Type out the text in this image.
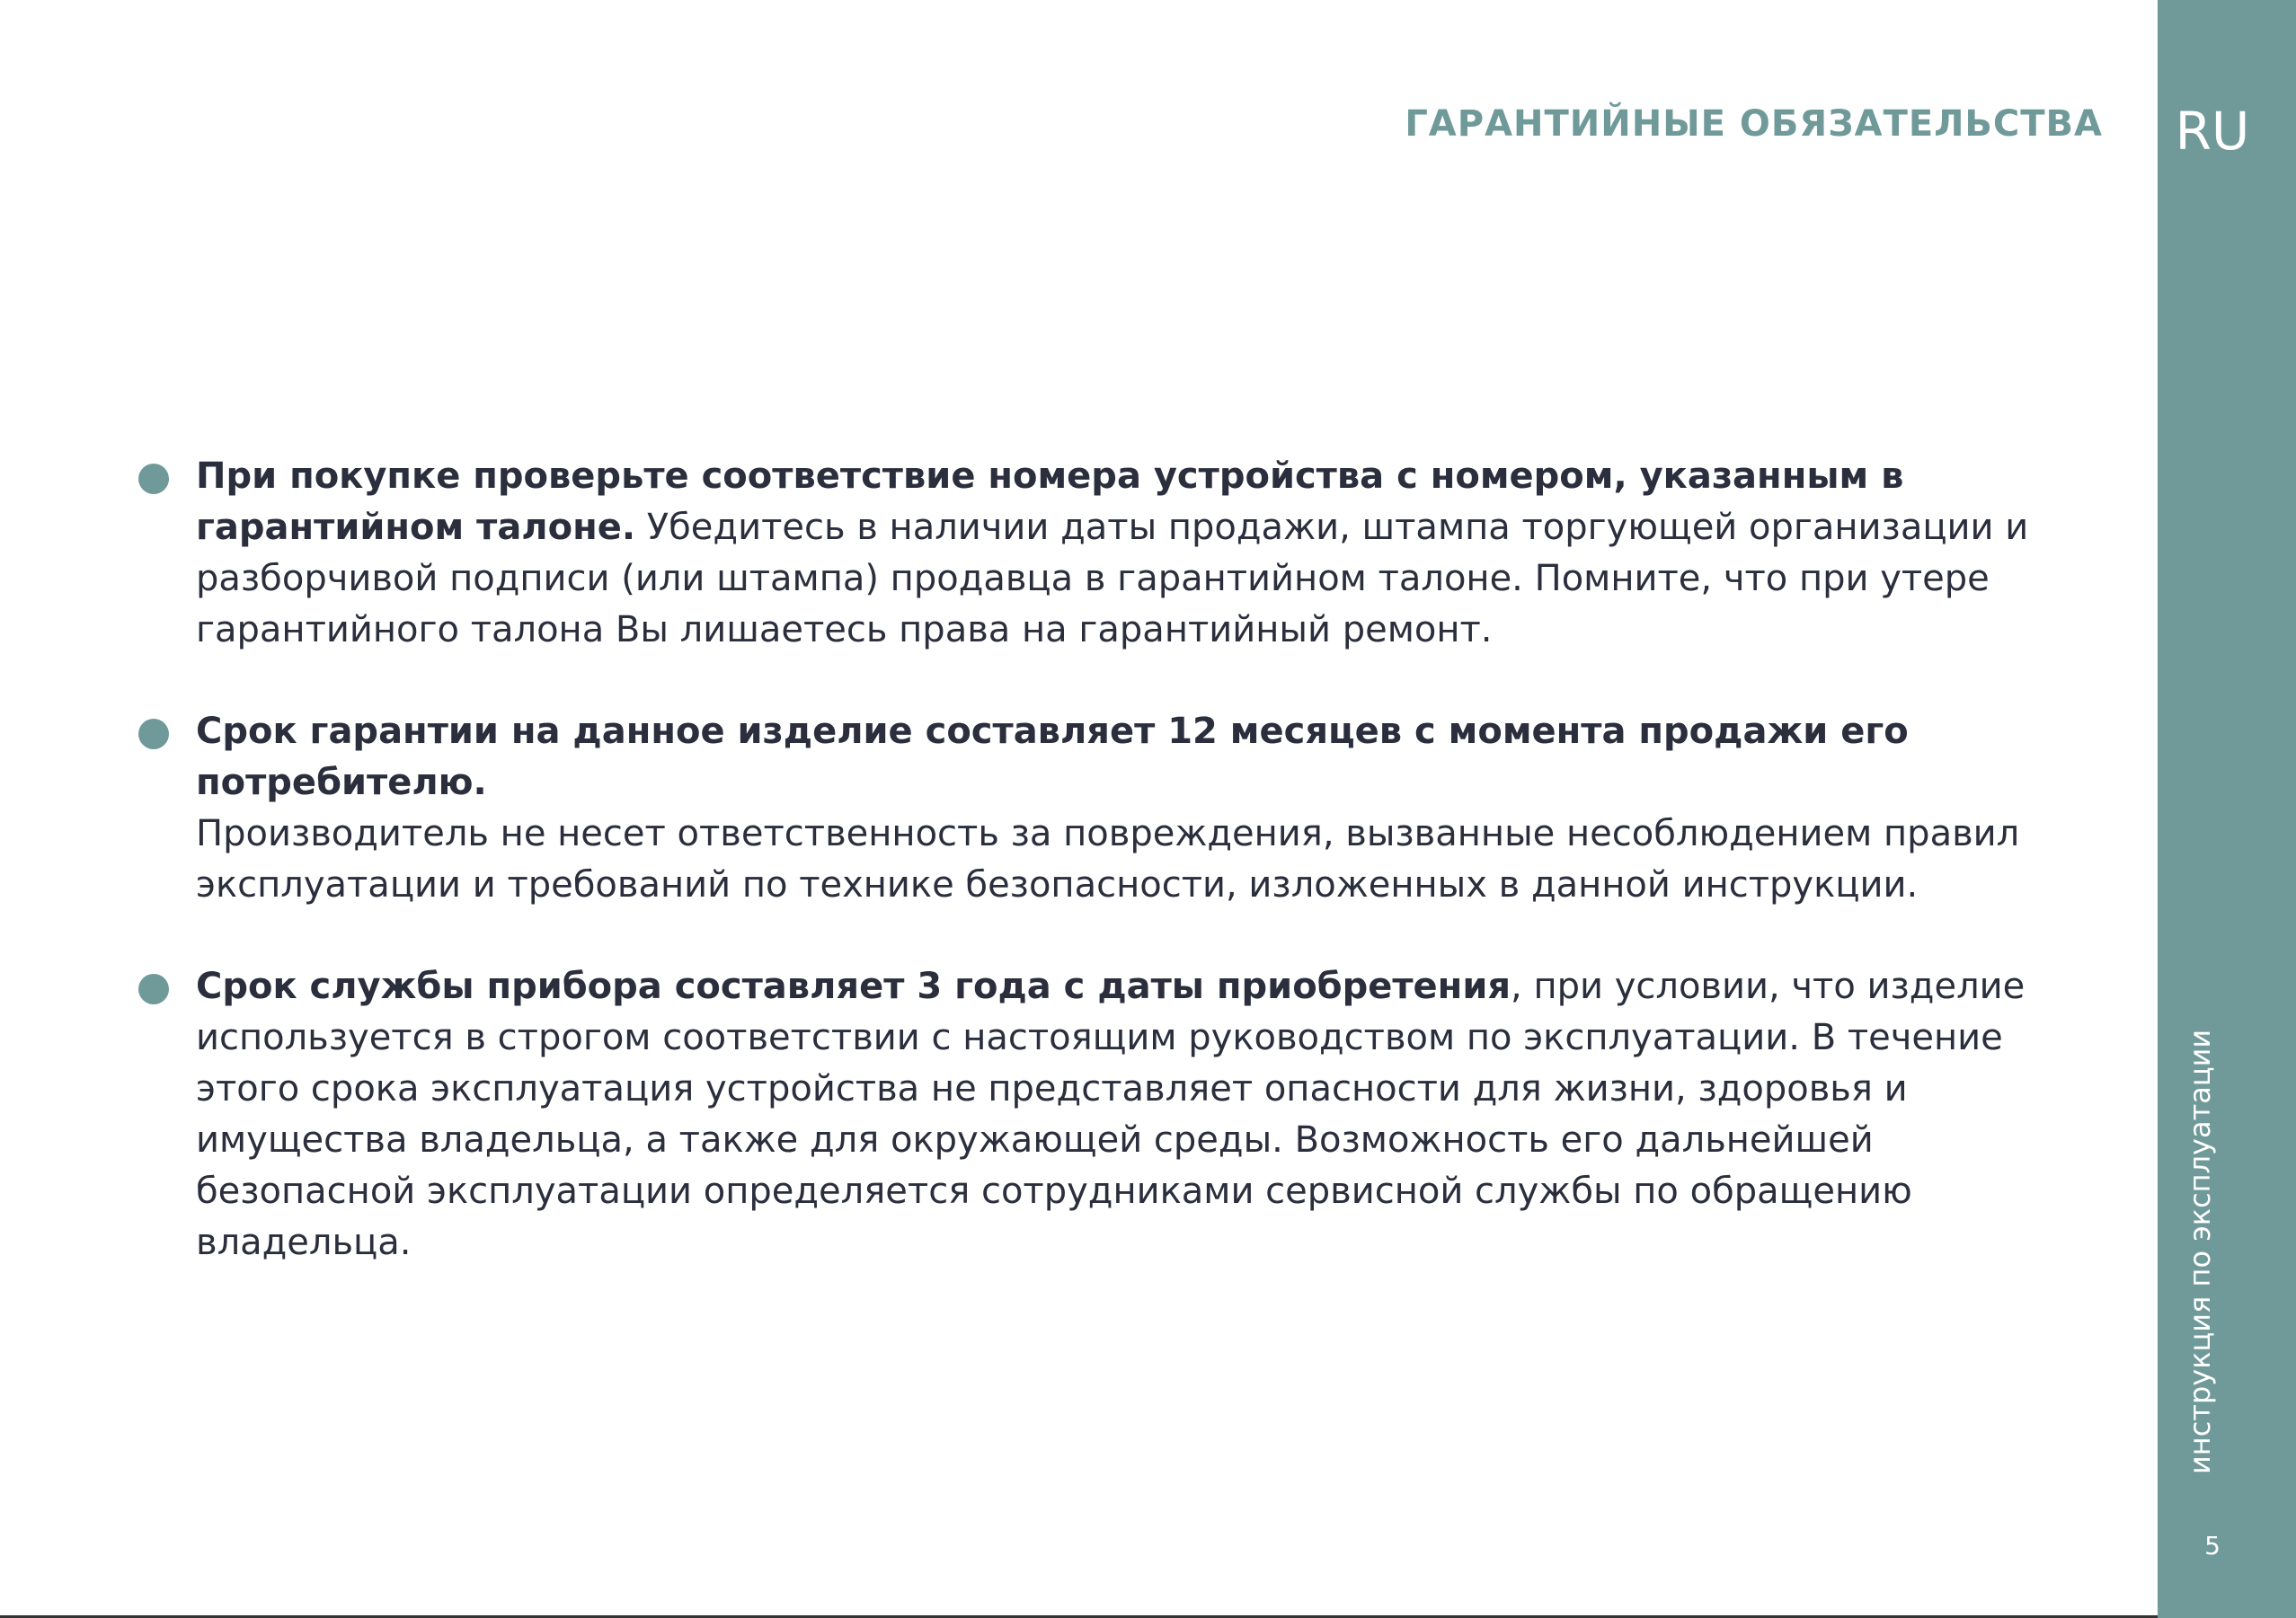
ГАРАНТИЙНЫЕ ОБЯЗАТЕЛЬСТВА
При покупке проверьте соответствие номера устройства с номером, указанным в гарантийном талоне. Убедитесь в наличии даты продажи, штампа торгующей организации и разборчивой подписи (или штампа) продавца в гарантийном талоне. Помните, что при утере гарантийного талона Вы лишаетесь права на гарантийный ремонт.
Срок гарантии на данное изделие составляет 12 месяцев с момента продажи его потребителю.
Производитель не несет ответственность за повреждения, вызванные несоблюдением правил эксплуатации и требований по технике безопасности, изложенных в данной инструкции.
Срок службы прибора составляет 3 года с даты приобретения, при условии, что изделие используется в строгом соответствии с настоящим руководством по эксплуатации. В течение этого срока эксплуатация устройства не представляет опасности для жизни, здоровья и имущества владельца, а также для окружающей среды. Возможность его дальнейшей безопасной эксплуатации определяется сотрудниками сервисной службы по обращению владельца.
RU
инструкция по эксплуатации
5
